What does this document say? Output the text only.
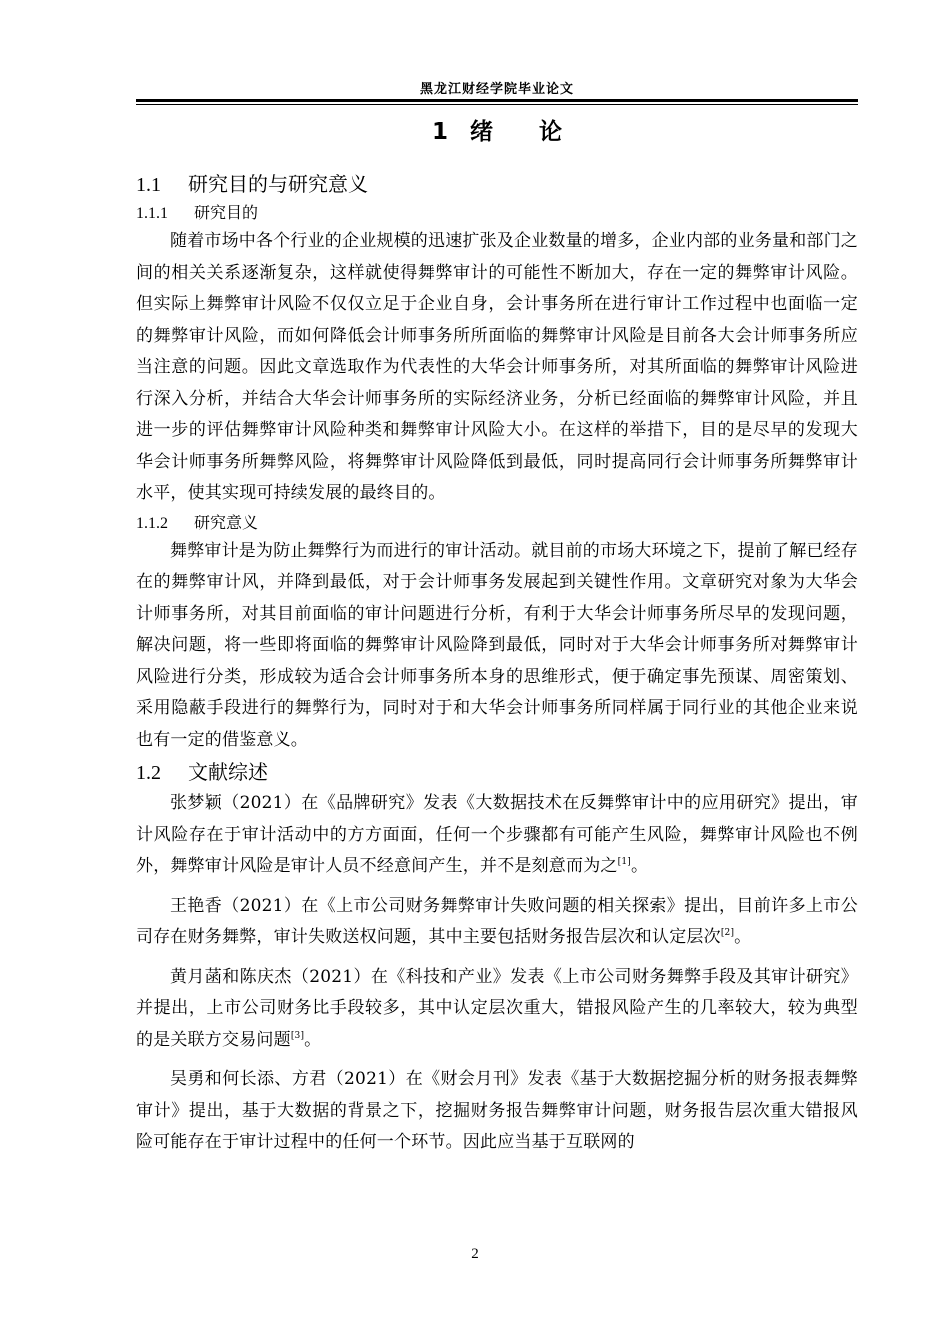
黑龙江财经学院毕业论文
1 绪 论
1.1 研究目的与研究意义
1.1.1 研究目的

随着市场中各个行业的企业规模的迅速扩张及企业数量的增多，企业内部的业务量和部门之间的相关关系逐渐复杂，这样就使得舞弊审计的可能性不断加大，存在一定的舞弊审计风险。但实际上舞弊审计风险不仅仅立足于企业自身，会计事务所在进行审计工作过程中也面临一定的舞弊审计风险，而如何降低会计师事务所所面临的舞弊审计风险是目前各大会计师事务所应当注意的问题。因此文章选取作为代表性的大华会计师事务所，对其所面临的舞弊审计风险进行深入分析，并结合大华会计师事务所的实际经济业务，分析已经面临的舞弊审计风险，并且进一步的评估舞弊审计风险种类和舞弊审计风险大小。在这样的举措下，目的是尽早的发现大华会计师事务所舞弊风险，将舞弊审计风险降低到最低，同时提高同行会计师事务所舞弊审计水平，使其实现可持续发展的最终目的。

1.1.2 研究意义

舞弊审计是为防止舞弊行为而进行的审计活动。就目前的市场大环境之下，提前了解已经存在的舞弊审计风，并降到最低，对于会计师事务发展起到关键性作用。文章研究对象为大华会计师事务所，对其目前面临的审计问题进行分析，有利于大华会计师事务所尽早的发现问题，解决问题，将一些即将面临的舞弊审计风险降到最低，同时对于大华会计师事务所对舞弊审计风险进行分类，形成较为适合会计师事务所本身的思维形式，便于确定事先预谋、周密策划、采用隐蔽手段进行的舞弊行为，同时对于和大华会计师事务所同样属于同行业的其他企业来说也有一定的借鉴意义。

1.2 文献综述

张梦颖（2021）在《品牌研究》发表《大数据技术在反舞弊审计中的应用研究》提出，审计风险存在于审计活动中的方方面面，任何一个步骤都有可能产生风险，舞弊审计风险也不例外，舞弊审计风险是审计人员不经意间产生，并不是刻意而为之[1]。

王艳香（2021）在《上市公司财务舞弊审计失败问题的相关探索》提出，目前许多上市公司存在财务舞弊，审计失败送权问题，其中主要包括财务报告层次和认定层次[2]。

黄月菡和陈庆杰（2021）在《科技和产业》发表《上市公司财务舞弊手段及其审计研究》并提出，上市公司财务比手段较多，其中认定层次重大，错报风险产生的几率较大，较为典型的是关联方交易问题[3]。

吴勇和何长添、方君（2021）在《财会月刊》发表《基于大数据挖掘分析的财务报表舞弊审计》提出，基于大数据的背景之下，挖掘财务报告舞弊审计问题，财务报告层次重大错报风险可能存在于审计过程中的任何一个环节。因此应当基于互联网的

2
